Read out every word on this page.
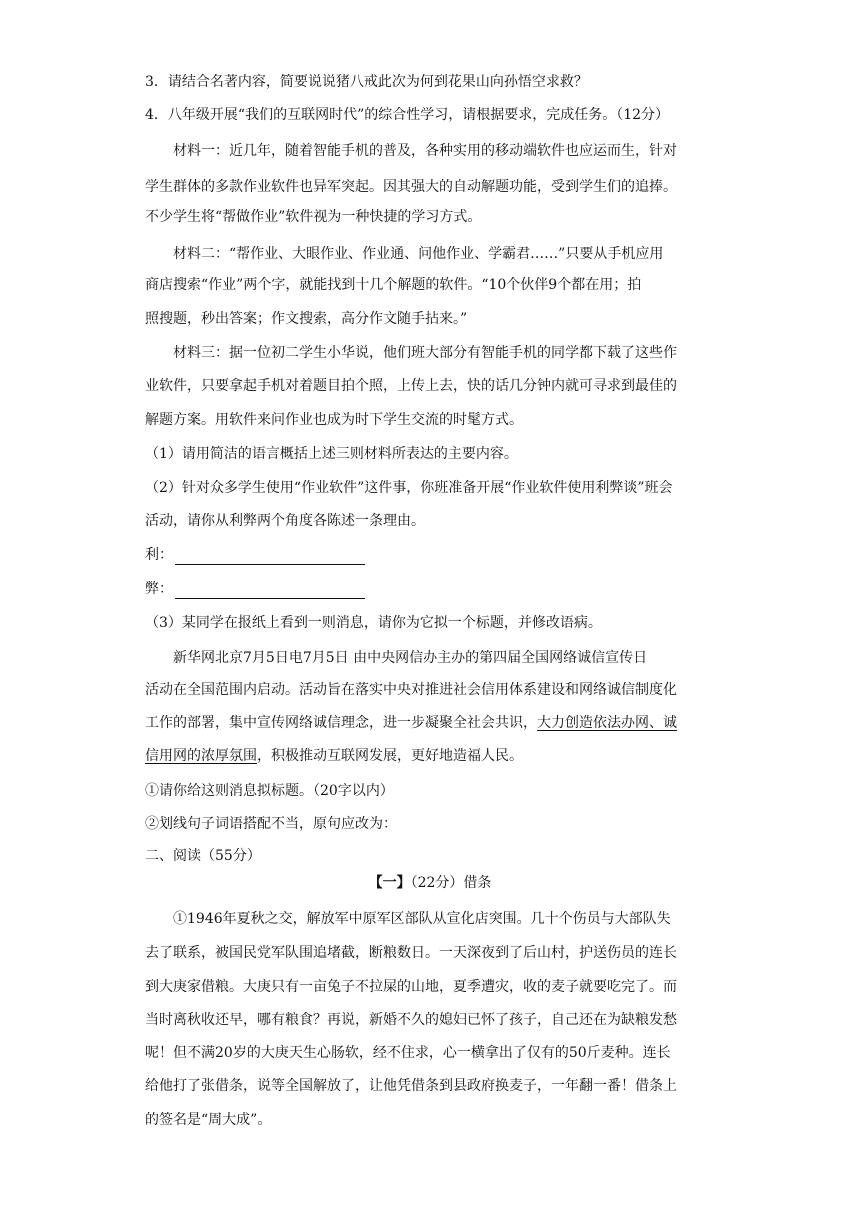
3．请结合名著内容，简要说说猪八戒此次为何到花果山向孙悟空求救？
4．八年级开展“我们的互联网时代”的综合性学习，请根据要求，完成任务。（12分）
材料一：近几年，随着智能手机的普及，各种实用的移动端软件也应运而生，针对
学生群体的多款作业软件也异军突起。因其强大的自动解题功能，受到学生们的追捧。
不少学生将“帮做作业”软件视为一种快捷的学习方式。
材料二：“帮作业、大眼作业、作业通、问他作业、学霸君……”只要从手机应用
商店搜索“作业”两个字，就能找到十几个解题的软件。“10个伙伴9个都在用；拍
照搜题，秒出答案；作文搜索，高分作文随手拈来。”
材料三：据一位初二学生小华说，他们班大部分有智能手机的同学都下载了这些作
业软件，只要拿起手机对着题目拍个照，上传上去，快的话几分钟内就可寻求到最佳的
解题方案。用软件来问作业也成为时下学生交流的时髦方式。
（1）请用简洁的语言概括上述三则材料所表达的主要内容。
（2）针对众多学生使用“作业软件”这件事，你班准备开展“作业软件使用利弊谈”班会
活动，请你从利弊两个角度各陈述一条理由。
利：
弊：
（3）某同学在报纸上看到一则消息，请你为它拟一个标题，并修改语病。
新华网北京7月5日电7月5日 由中央网信办主办的第四届全国网络诚信宣传日
活动在全国范围内启动。活动旨在落实中央对推进社会信用体系建设和网络诚信制度化
工作的部署，集中宣传网络诚信理念，进一步凝聚全社会共识，大力创造依法办网、诚
信用网的浓厚氛围，积极推动互联网发展，更好地造福人民。
①请你给这则消息拟标题。（20字以内）
②划线句子词语搭配不当，原句应改为：
二、阅读（55分）
【一】（22分）借条
①1946年夏秋之交，解放军中原军区部队从宣化店突围。几十个伤员与大部队失
去了联系，被国民党军队围追堵截，断粮数日。一天深夜到了后山村，护送伤员的连长
到大庚家借粮。大庚只有一亩兔子不拉屎的山地，夏季遭灾，收的麦子就要吃完了。而
当时离秋收还早，哪有粮食？再说，新婚不久的媳妇已怀了孩子，自己还在为缺粮发愁
呢！但不满20岁的大庚天生心肠软，经不住求，心一横拿出了仅有的50斤麦种。连长
给他打了张借条，说等全国解放了，让他凭借条到县政府换麦子，一年翻一番！借条上
的签名是“周大成”。
